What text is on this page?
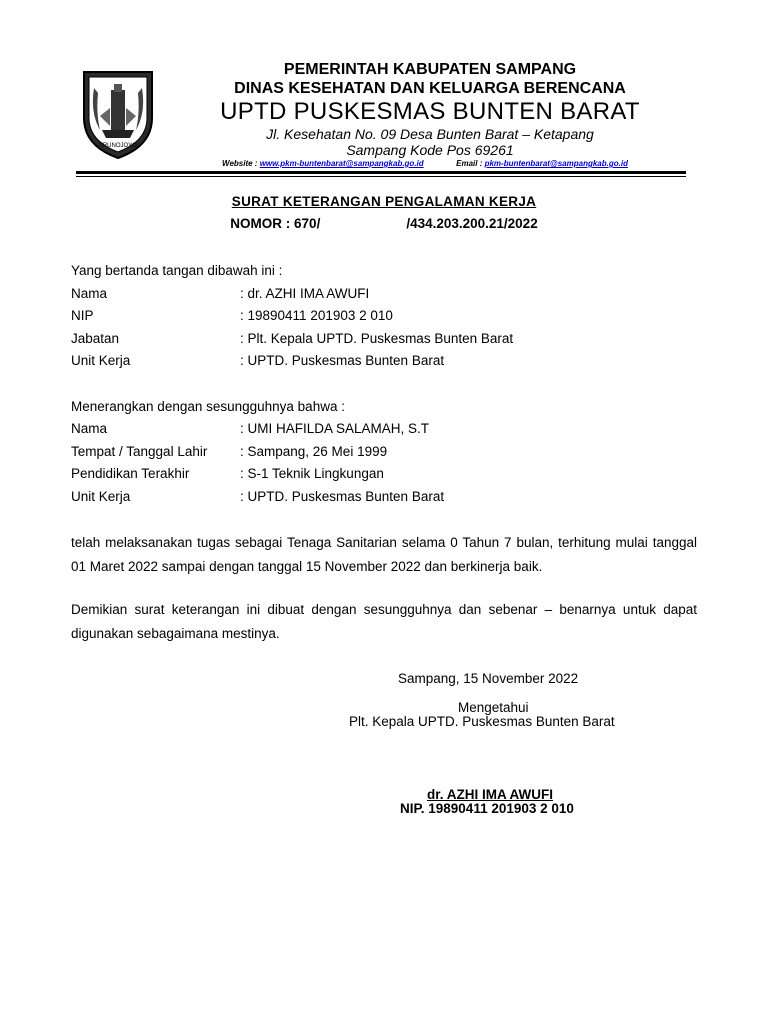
TRUNOJOYO
PEMERINTAH KABUPATEN SAMPANG
DINAS KESEHATAN DAN KELUARGA BERENCANA
UPTD PUSKESMAS BUNTEN BARAT
Jl. Kesehatan No. 09 Desa Bunten Barat – Ketapang
Sampang Kode Pos 69261
Website : www.pkm-buntenbarat@sampangkab.go.id	Email : pkm-buntenbarat@sampangkab.go.id
SURAT KETERANGAN PENGALAMAN KERJA
NOMOR : 670/	/434.203.200.21/2022
Yang bertanda tangan dibawah ini :
Nama	: dr. AZHI IMA AWUFI
NIP	: 19890411 201903 2 010
Jabatan	: Plt. Kepala UPTD. Puskesmas Bunten Barat
Unit Kerja	: UPTD. Puskesmas Bunten Barat
Menerangkan dengan sesungguhnya bahwa :
Nama	: UMI HAFILDA SALAMAH, S.T
Tempat / Tanggal Lahir : Sampang, 26 Mei 1999
Pendidikan Terakhir	: S-1 Teknik Lingkungan
Unit Kerja	: UPTD. Puskesmas Bunten Barat
telah melaksanakan tugas sebagai Tenaga Sanitarian selama 0 Tahun 7 bulan, terhitung mulai tanggal 01 Maret 2022 sampai dengan tanggal 15 November 2022 dan berkinerja baik.
Demikian surat keterangan ini dibuat dengan sesungguhnya dan sebenar – benarnya untuk dapat digunakan sebagaimana mestinya.
Sampang, 15 November 2022
Mengetahui
Plt. Kepala UPTD. Puskesmas Bunten Barat
dr. AZHI IMA AWUFI
NIP. 19890411 201903 2 010
